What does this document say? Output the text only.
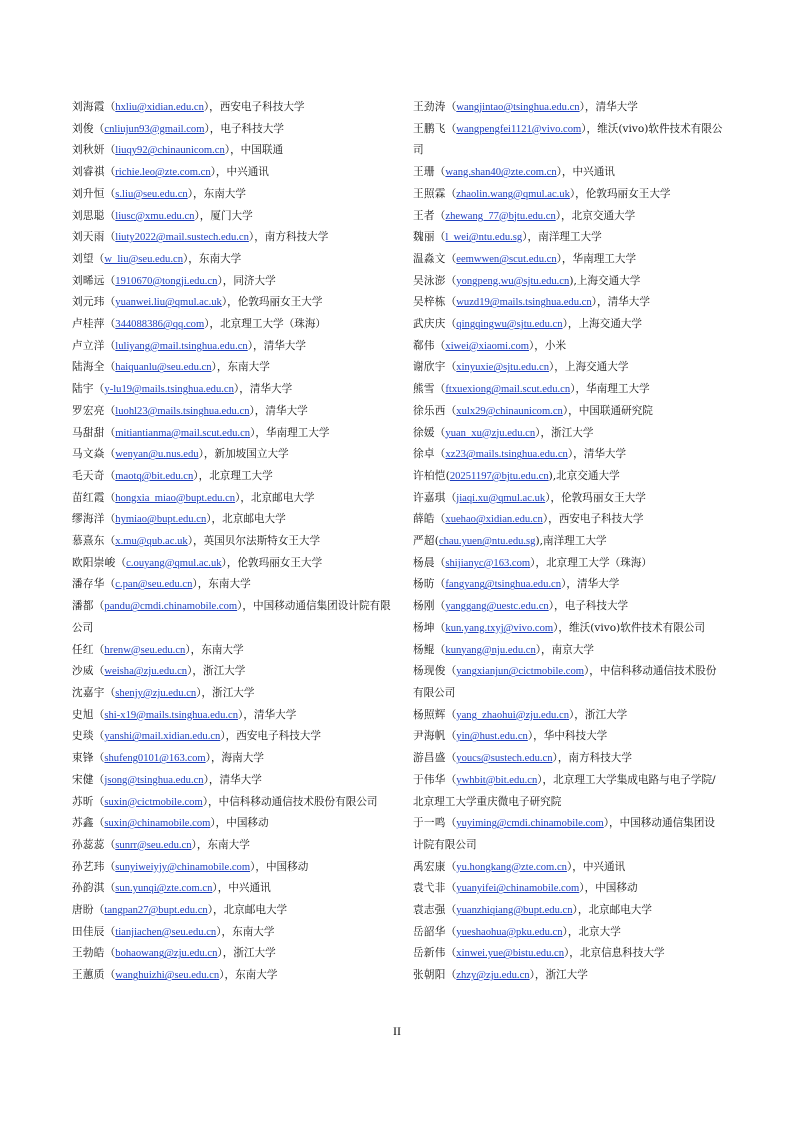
刘海霞（hxliu@xidian.edu.cn），西安电子科技大学
刘俊（cnliujun93@gmail.com），电子科技大学
刘秋妍（liuqy92@chinaunicom.cn），中国联通
刘睿祺（richie.leo@zte.com.cn），中兴通讯
刘升恒（s.liu@seu.edu.cn），东南大学
刘思聪（liusc@xmu.edu.cn），厦门大学
刘天雨（liuty2022@mail.sustech.edu.cn），南方科技大学
刘望（w_liu@seu.edu.cn），东南大学
刘晞远（1910670@tongji.edu.cn），同济大学
刘元玮（yuanwei.liu@qmul.ac.uk），伦敦玛丽女王大学
卢桂萍（344088386@qq.com），北京理工大学（珠海）
卢立洋（luliyang@mail.tsinghua.edu.cn），清华大学
陆海全（haiquanlu@seu.edu.cn），东南大学
陆宇（y-lu19@mails.tsinghua.edu.cn），清华大学
罗宏亮（luohl23@mails.tsinghua.edu.cn），清华大学
马甜甜（mitiantianma@mail.scut.edu.cn），华南理工大学
马文焱（wenyan@u.nus.edu），新加坡国立大学
毛天奇（maotq@bit.edu.cn），北京理工大学
苗红霞（hongxia_miao@bupt.edu.cn），北京邮电大学
缪海洋（hymiao@bupt.edu.cn），北京邮电大学
慕熹东（x.mu@qub.ac.uk），英国贝尔法斯特女王大学
欧阳崇峻（c.ouyang@qmul.ac.uk），伦敦玛丽女王大学
潘存华（c.pan@seu.edu.cn），东南大学
潘都（pandu@cmdi.chinamobile.com），中国移动通信集团设计院有限公司
任红（hrenw@seu.edu.cn），东南大学
沙威（weisha@zju.edu.cn），浙江大学
沈嘉宇（shenjy@zju.edu.cn），浙江大学
史旭（shi-x19@mails.tsinghua.edu.cn），清华大学
史琰（yanshi@mail.xidian.edu.cn），西安电子科技大学
束锋（shufeng0101@163.com），海南大学
宋健（jsong@tsinghua.edu.cn），清华大学
苏昕（suxin@cictmobile.com），中信科移动通信技术股份有限公司
苏鑫（suxin@chinamobile.com），中国移动
孙蕊蕊（sunrr@seu.edu.cn），东南大学
孙艺玮（sunyiweiyjy@chinamobile.com），中国移动
孙韵淇（sun.yunqi@zte.com.cn），中兴通讯
唐盼（tangpan27@bupt.edu.cn），北京邮电大学
田佳辰（tianjiachen@seu.edu.cn），东南大学
王勃皓（bohaowang@zju.edu.cn），浙江大学
王蕙质（wanghuizhi@seu.edu.cn），东南大学
王劲涛（wangjintao@tsinghua.edu.cn），清华大学
王鹏飞（wangpengfei1121@vivo.com），维沃(vivo)软件技术有限公司
王珊（wang.shan40@zte.com.cn），中兴通讯
王照霖（zhaolin.wang@qmul.ac.uk），伦敦玛丽女王大学
王者（zhewang_77@bjtu.edu.cn），北京交通大学
魏丽（l_wei@ntu.edu.sg），南洋理工大学
温淼文（eemwwen@scut.edu.cn），华南理工大学
吴泳澎（yongpeng.wu@sjtu.edu.cn),上海交通大学
吴梓栋（wuzd19@mails.tsinghua.edu.cn），清华大学
武庆庆（qingqingwu@sjtu.edu.cn），上海交通大学
郗伟（xiwei@xiaomi.com），小米
谢欣宇（xinyuxie@sjtu.edu.cn），上海交通大学
熊雪（ftxuexiong@mail.scut.edu.cn），华南理工大学
徐乐西（xulx29@chinaunicom.cn），中国联通研究院
徐媛（yuan_xu@zju.edu.cn），浙江大学
徐卓（xz23@mails.tsinghua.edu.cn），清华大学
许柏恺(20251197@bjtu.edu.cn),北京交通大学
许嘉琪（jiaqi.xu@qmul.ac.uk），伦敦玛丽女王大学
薛皓（xuehao@xidian.edu.cn），西安电子科技大学
严超(chau.yuen@ntu.edu.sg),南洋理工大学
杨晨（shijianyc@163.com），北京理工大学（珠海）
杨昉（fangyang@tsinghua.edu.cn），清华大学
杨刚（yanggang@uestc.edu.cn），电子科技大学
杨坤（kun.yang.txyj@vivo.com），维沃(vivo)软件技术有限公司
杨鲲（kunyang@nju.edu.cn），南京大学
杨现俊（yangxianjun@cictmobile.com），中信科移动通信技术股份有限公司
杨照辉（yang_zhaohui@zju.edu.cn），浙江大学
尹海帆（yin@hust.edu.cn），华中科技大学
游昌盛（youcs@sustech.edu.cn），南方科技大学
于伟华（ywhbit@bit.edu.cn），北京理工大学集成电路与电子学院/北京理工大学重庆微电子研究院
于一鸣（yuyiming@cmdi.chinamobile.com），中国移动通信集团设计院有限公司
禹宏康（yu.hongkang@zte.com.cn），中兴通讯
袁弋非（yuanyifei@chinamobile.com），中国移动
袁志强（yuanzhiqiang@bupt.edu.cn），北京邮电大学
岳韶华（yueshaohua@pku.edu.cn），北京大学
岳新伟（xinwei.yue@bistu.edu.cn），北京信息科技大学
张朝阳（zhzy@zju.edu.cn），浙江大学
II
